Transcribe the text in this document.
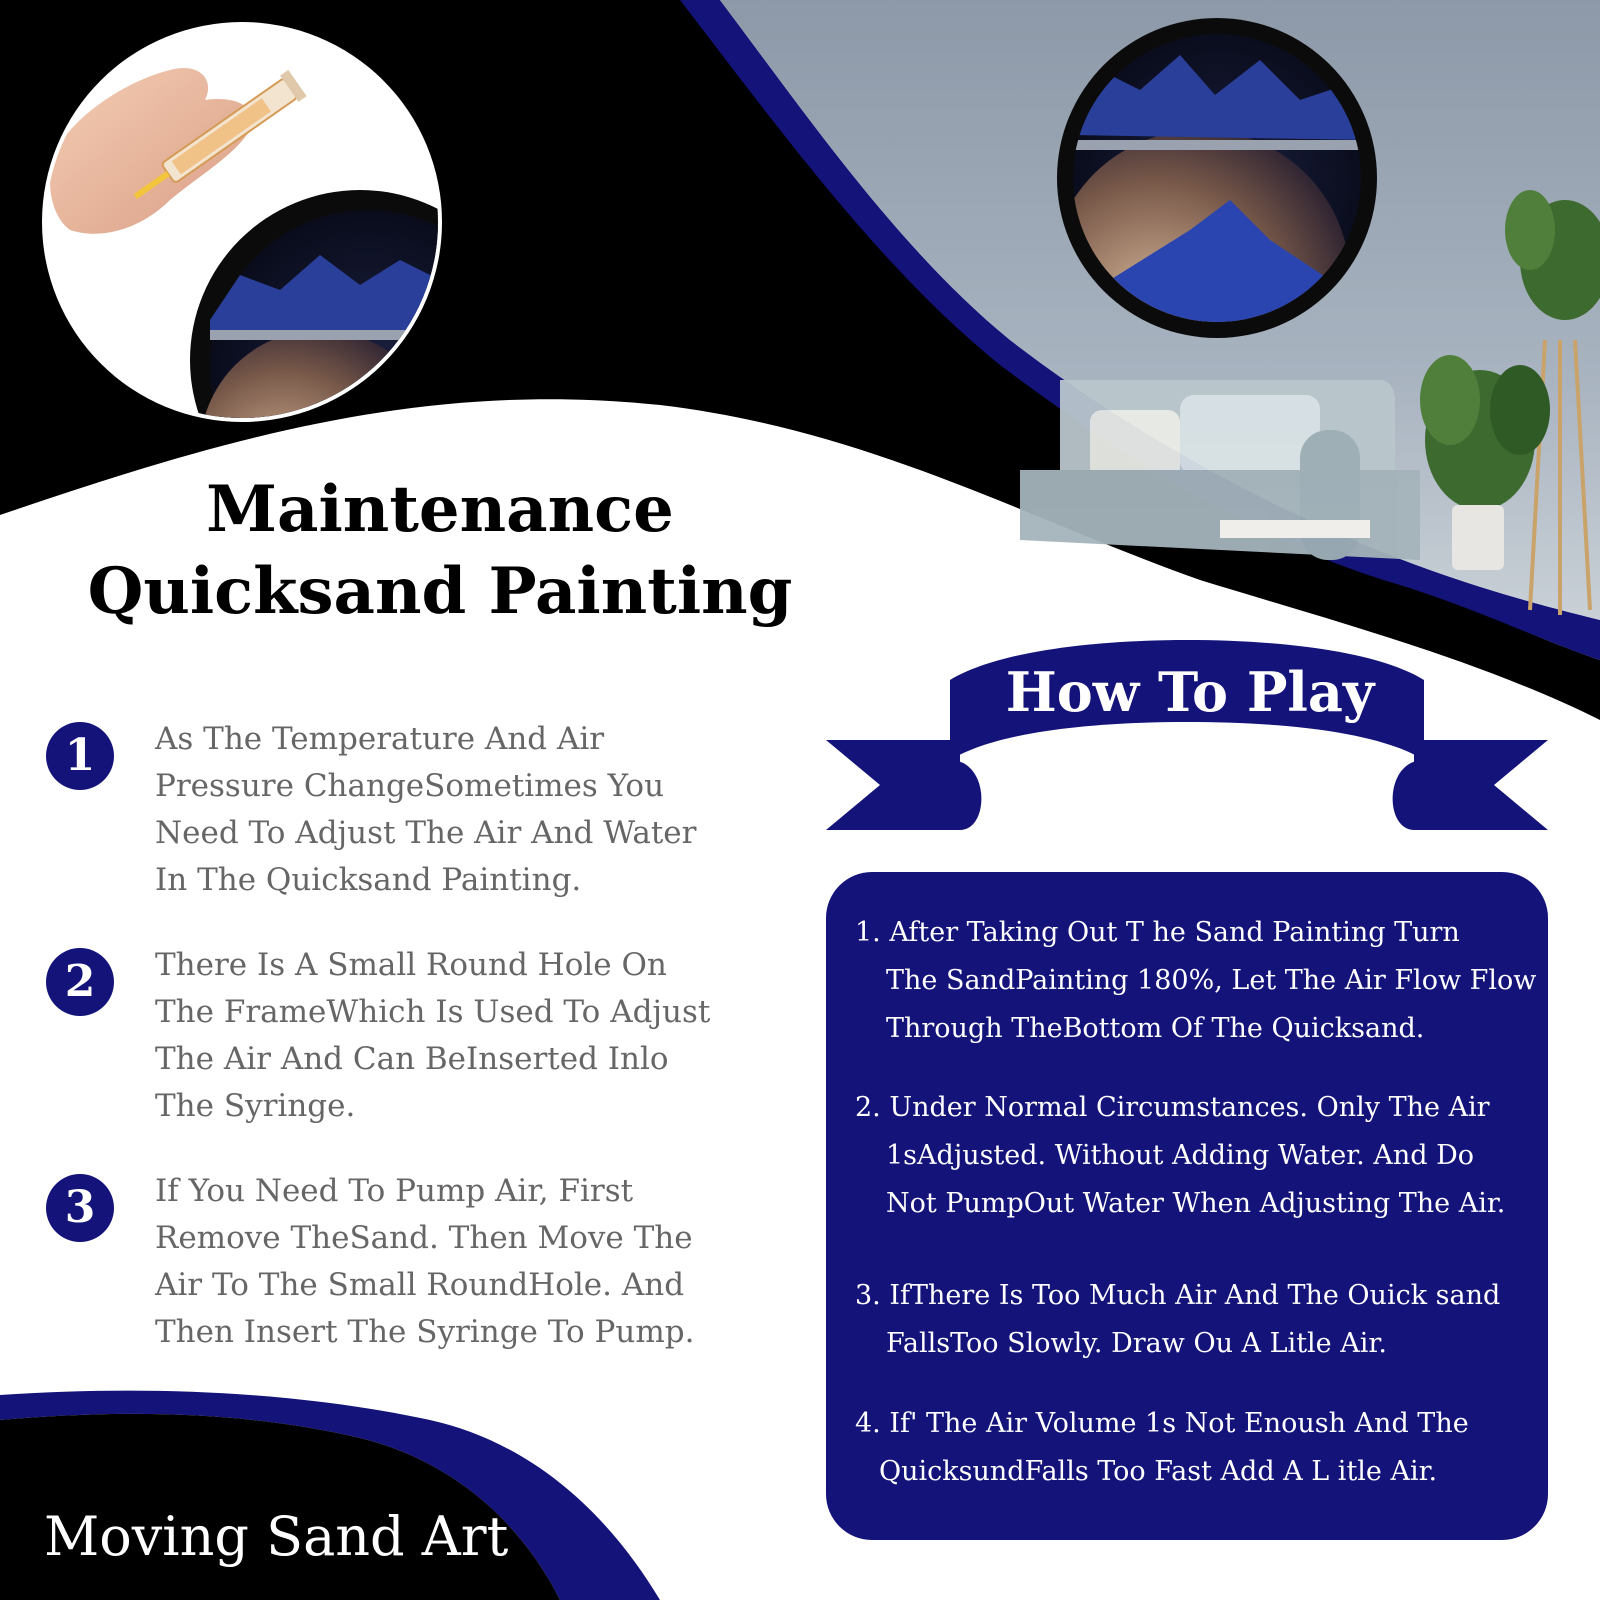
Maintenance
Quicksand Painting
1	As The Temperature And Air
Pressure ChangeSometimes You
Need To Adjust The Air And Water
In The Quicksand Painting.
2	There Is A Small Round Hole On
The FrameWhich Is Used To Adjust
The Air And Can BeInserted Inlo
The Syringe.
3	If You Need To Pump Air, First
Remove TheSand. Then Move The
Air To The Small RoundHole. And
Then Insert The Syringe To Pump.
How To Play
1. After Taking Out T he Sand Painting Turn
The SandPainting 180%, Let The Air Flow Flow
Through TheBottom Of The Quicksand.
2. Under Normal Circumstances. Only The Air
1sAdjusted. Without Adding Water. And Do
Not PumpOut Water When Adjusting The Air.
3. IfThere Is Too Much Air And The Ouick sand
FallsToo Slowly. Draw Ou A Litle Air.
4. If' The Air Volume 1s Not Enoush And The
QuicksundFalls Too Fast Add A L itle Air.
Moving Sand Art
